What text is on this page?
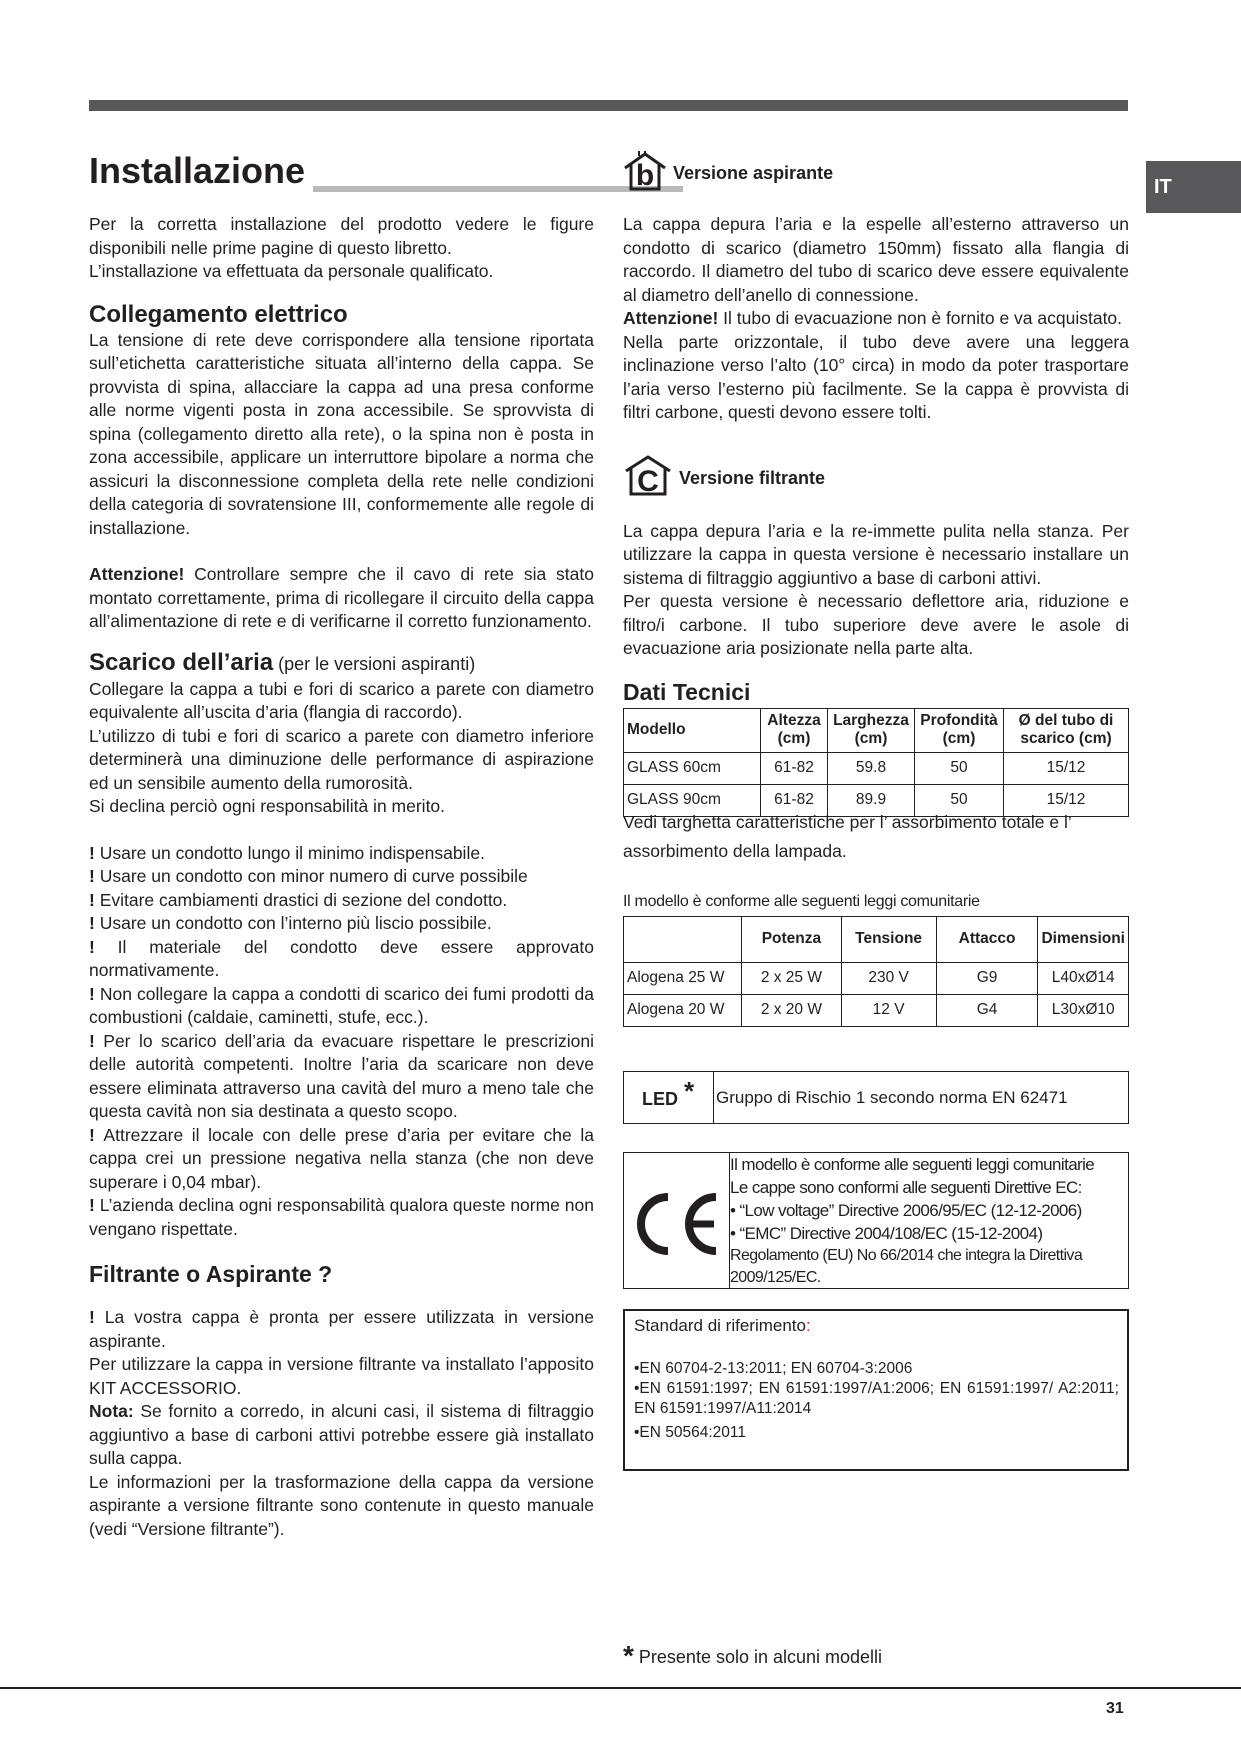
IT
Installazione

Per la corretta installazione del prodotto vedere le figure disponibili nelle prime pagine di questo libretto.

L’installazione va effettuata da personale qualificato.

Collegamento elettrico

La tensione di rete deve corrispondere alla tensione riportata sull’etichetta caratteristiche situata all’interno della cappa. Se provvista di spina, allacciare la cappa ad una presa conforme alle norme vigenti posta in zona accessibile. Se sprovvista di spina (collegamento diretto alla rete), o la spina non è posta in zona accessibile, applicare un interruttore bipolare a norma che assicuri la disconnessione completa della rete nelle condizioni della categoria di sovratensione III, conformemente alle regole di installazione.

Attenzione! Controllare sempre che il cavo di rete sia stato montato correttamente, prima di ricollegare il circuito della cappa all’alimentazione di rete e di verificarne il corretto funzionamento.

Scarico dell’aria (per le versioni aspiranti)

Collegare la cappa a tubi e fori di scarico a parete con diametro equivalente all’uscita d’aria (flangia di raccordo).

L’utilizzo di tubi e fori di scarico a parete con diametro inferiore determinerà una diminuzione delle performance di aspirazione ed un sensibile aumento della rumorosità.

Si declina perciò ogni responsabilità in merito.

! Usare un condotto lungo il minimo indispensabile.

! Usare un condotto con minor numero di curve possibile

! Evitare cambiamenti drastici di sezione del condotto.

! Usare un condotto con l’interno più liscio possibile.

! Il materiale del condotto deve essere approvato normativamente.

! Non collegare la cappa a condotti di scarico dei fumi prodotti da combustioni (caldaie, caminetti, stufe, ecc.).

! Per lo scarico dell’aria da evacuare rispettare le prescrizioni delle autorità competenti. Inoltre l’aria da scaricare non deve essere eliminata attraverso una cavità del muro a meno tale che questa cavità non sia destinata a questo scopo.

! Attrezzare il locale con delle prese d’aria per evitare che la cappa crei un pressione negativa nella stanza (che non deve superare i 0,04 mbar).

! L’azienda declina ogni responsabilità qualora queste norme non vengano rispettate.

Filtrante o Aspirante ?

! La vostra cappa è pronta per essere utilizzata in versione aspirante.

Per utilizzare la cappa in versione filtrante va installato l’apposito KIT ACCESSORIO.

Nota: Se fornito a corredo, in alcuni casi, il sistema di filtraggio aggiuntivo a base di carboni attivi potrebbe essere già installato sulla cappa.

Le informazioni per la trasformazione della cappa da versione aspirante a versione filtrante sono contenute in questo manuale (vedi “Versione filtrante”).

b Versione aspirante

La cappa depura l’aria e la espelle all’esterno attraverso un condotto di scarico (diametro 150mm) fissato alla flangia di raccordo. Il diametro del tubo di scarico deve essere equivalente al diametro dell’anello di connessione.

Attenzione! Il tubo di evacuazione non è fornito e va acquistato.

Nella parte orizzontale, il tubo deve avere una leggera inclinazione verso l’alto (10° circa) in modo da poter trasportare l’aria verso l’esterno più facilmente. Se la cappa è provvista di filtri carbone, questi devono essere tolti.

C Versione filtrante

La cappa depura l’aria e la re-immette pulita nella stanza. Per utilizzare la cappa in questa versione è necessario installare un sistema di filtraggio aggiuntivo a base di carboni attivi.

Per questa versione è necessario deflettore aria, riduzione e filtro/i carbone. Il tubo superiore deve avere le asole di evacuazione aria posizionate nella parte alta.

Dati Tecnici
Modello	Altezza (cm)	Larghezza (cm)	Profondità (cm)	Ø del tubo di scarico (cm)
GLASS 60cm	61-82	59.8	50	15/12
GLASS 90cm	61-82	89.9	50	15/12

Vedi targhetta caratteristiche per l’ assorbimento totale e l’ assorbimento della lampada.

Il modello è conforme alle seguenti leggi comunitarie
	Potenza	Tensione	Attacco	Dimensioni
Alogena 25 W	2 x 25 W	230 V	G9	L40xØ14
Alogena 20 W	2 x 20 W	12 V	G4	L30xØ10
LED * Gruppo di Rischio 1 secondo norma EN 62471
Il modello è conforme alle seguenti leggi comunitarie
Le cappe sono conformi alle seguenti Direttive EC:
• “Low voltage” Directive 2006/95/EC (12-12-2006)
• “EMC” Directive 2004/108/EC (15-12-2004)
Regolamento (EU) No 66/2014 che integra la Direttiva 2009/125/EC.
Standard di riferimento:
•EN 60704-2-13:2011; EN 60704-3:2006
•EN 61591:1997; EN 61591:1997/A1:2006; EN 61591:1997/ A2:2011; EN 61591:1997/A11:2014
•EN 50564:2011
* Presente solo in alcuni modelli
31
